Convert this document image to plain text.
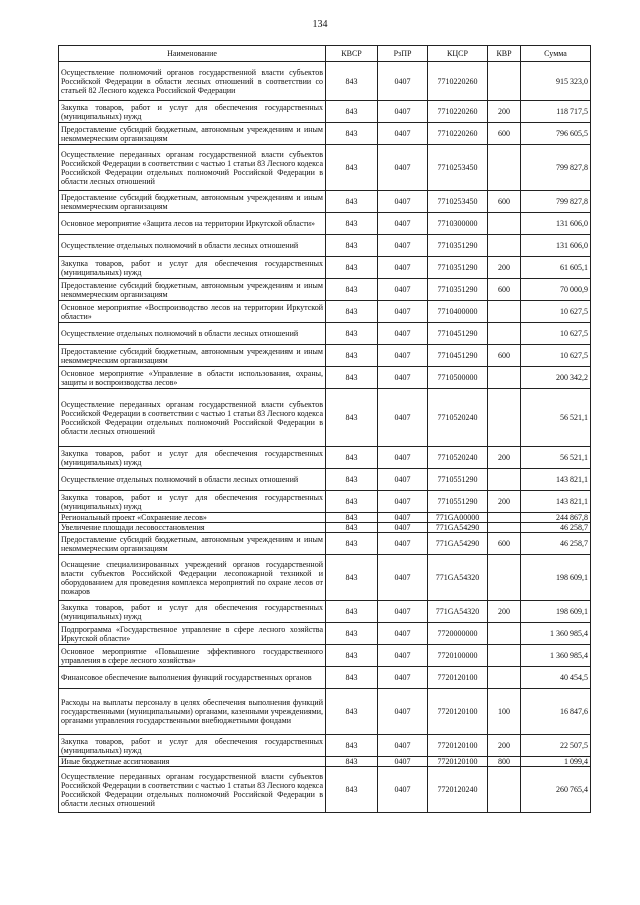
134
Наименование	КВСР	РзПР	КЦСР	КВР	Сумма
Осуществление полномочий органов государственной власти субъектов Российской Федерации в области лесных отношений в соответствии со статьей 82 Лесного кодекса Российской Федерации	843	0407	7710220260		915 323,0
Закупка товаров, работ и услуг для обеспечения государственных (муниципальных) нужд	843	0407	7710220260	200	118 717,5
Предоставление субсидий бюджетным, автономным учреждениям и иным некоммерческим организациям	843	0407	7710220260	600	796 605,5
Осуществление переданных органам государственной власти субъектов Российской Федерации в соответствии с частью 1 статьи 83 Лесного кодекса Российской Федерации отдельных полномочий Российской Федерации в области лесных отношений	843	0407	7710253450		799 827,8
Предоставление субсидий бюджетным, автономным учреждениям и иным некоммерческим организациям	843	0407	7710253450	600	799 827,8
Основное мероприятие «Защита лесов на территории Иркутской области»	843	0407	7710300000		131 606,0
Осуществление отдельных полномочий в области лесных отношений	843	0407	7710351290		131 606,0
Закупка товаров, работ и услуг для обеспечения государственных (муниципальных) нужд	843	0407	7710351290	200	61 605,1
Предоставление субсидий бюджетным, автономным учреждениям и иным некоммерческим организациям	843	0407	7710351290	600	70 000,9
Основное мероприятие «Воспроизводство лесов на территории Иркутской области»	843	0407	7710400000		10 627,5
Осуществление отдельных полномочий в области лесных отношений	843	0407	7710451290		10 627,5
Предоставление субсидий бюджетным, автономным учреждениям и иным некоммерческим организациям	843	0407	7710451290	600	10 627,5
Основное мероприятие «Управление в области использования, охраны, защиты и воспроизводства лесов»	843	0407	7710500000		200 342,2
Осуществление переданных органам государственной власти субъектов Российской Федерации в соответствии с частью 1 статьи 83 Лесного кодекса Российской Федерации отдельных полномочий Российской Федерации в области лесных отношений	843	0407	7710520240		56 521,1
Закупка товаров, работ и услуг для обеспечения государственных (муниципальных) нужд	843	0407	7710520240	200	56 521,1
Осуществление отдельных полномочий в области лесных отношений	843	0407	7710551290		143 821,1
Закупка товаров, работ и услуг для обеспечения государственных (муниципальных) нужд	843	0407	7710551290	200	143 821,1
Региональный проект «Сохранение лесов»	843	0407	771GA00000		244 867,8
Увеличение площади лесовосстановления	843	0407	771GA54290		46 258,7
Предоставление субсидий бюджетным, автономным учреждениям и иным некоммерческим организациям	843	0407	771GA54290	600	46 258,7
Оснащение специализированных учреждений органов государственной власти субъектов Российской Федерации лесопожарной техникой и оборудованием для проведения комплекса мероприятий по охране лесов от пожаров	843	0407	771GA54320		198 609,1
Закупка товаров, работ и услуг для обеспечения государственных (муниципальных) нужд	843	0407	771GA54320	200	198 609,1
Подпрограмма «Государственное управление в сфере лесного хозяйства Иркутской области»	843	0407	7720000000		1 360 985,4
Основное мероприятие «Повышение эффективного государственного управления в сфере лесного хозяйства»	843	0407	7720100000		1 360 985,4
Финансовое обеспечение выполнения функций государственных органов	843	0407	7720120100		40 454,5
Расходы на выплаты персоналу в целях обеспечения выполнения функций государственными (муниципальными) органами, казенными учреждениями, органами управления государственными внебюджетными фондами	843	0407	7720120100	100	16 847,6
Закупка товаров, работ и услуг для обеспечения государственных (муниципальных) нужд	843	0407	7720120100	200	22 507,5
Иные бюджетные ассигнования	843	0407	7720120100	800	1 099,4
Осуществление переданных органам государственной власти субъектов Российской Федерации в соответствии с частью 1 статьи 83 Лесного кодекса Российской Федерации отдельных полномочий Российской Федерации в области лесных отношений	843	0407	7720120240		260 765,4
